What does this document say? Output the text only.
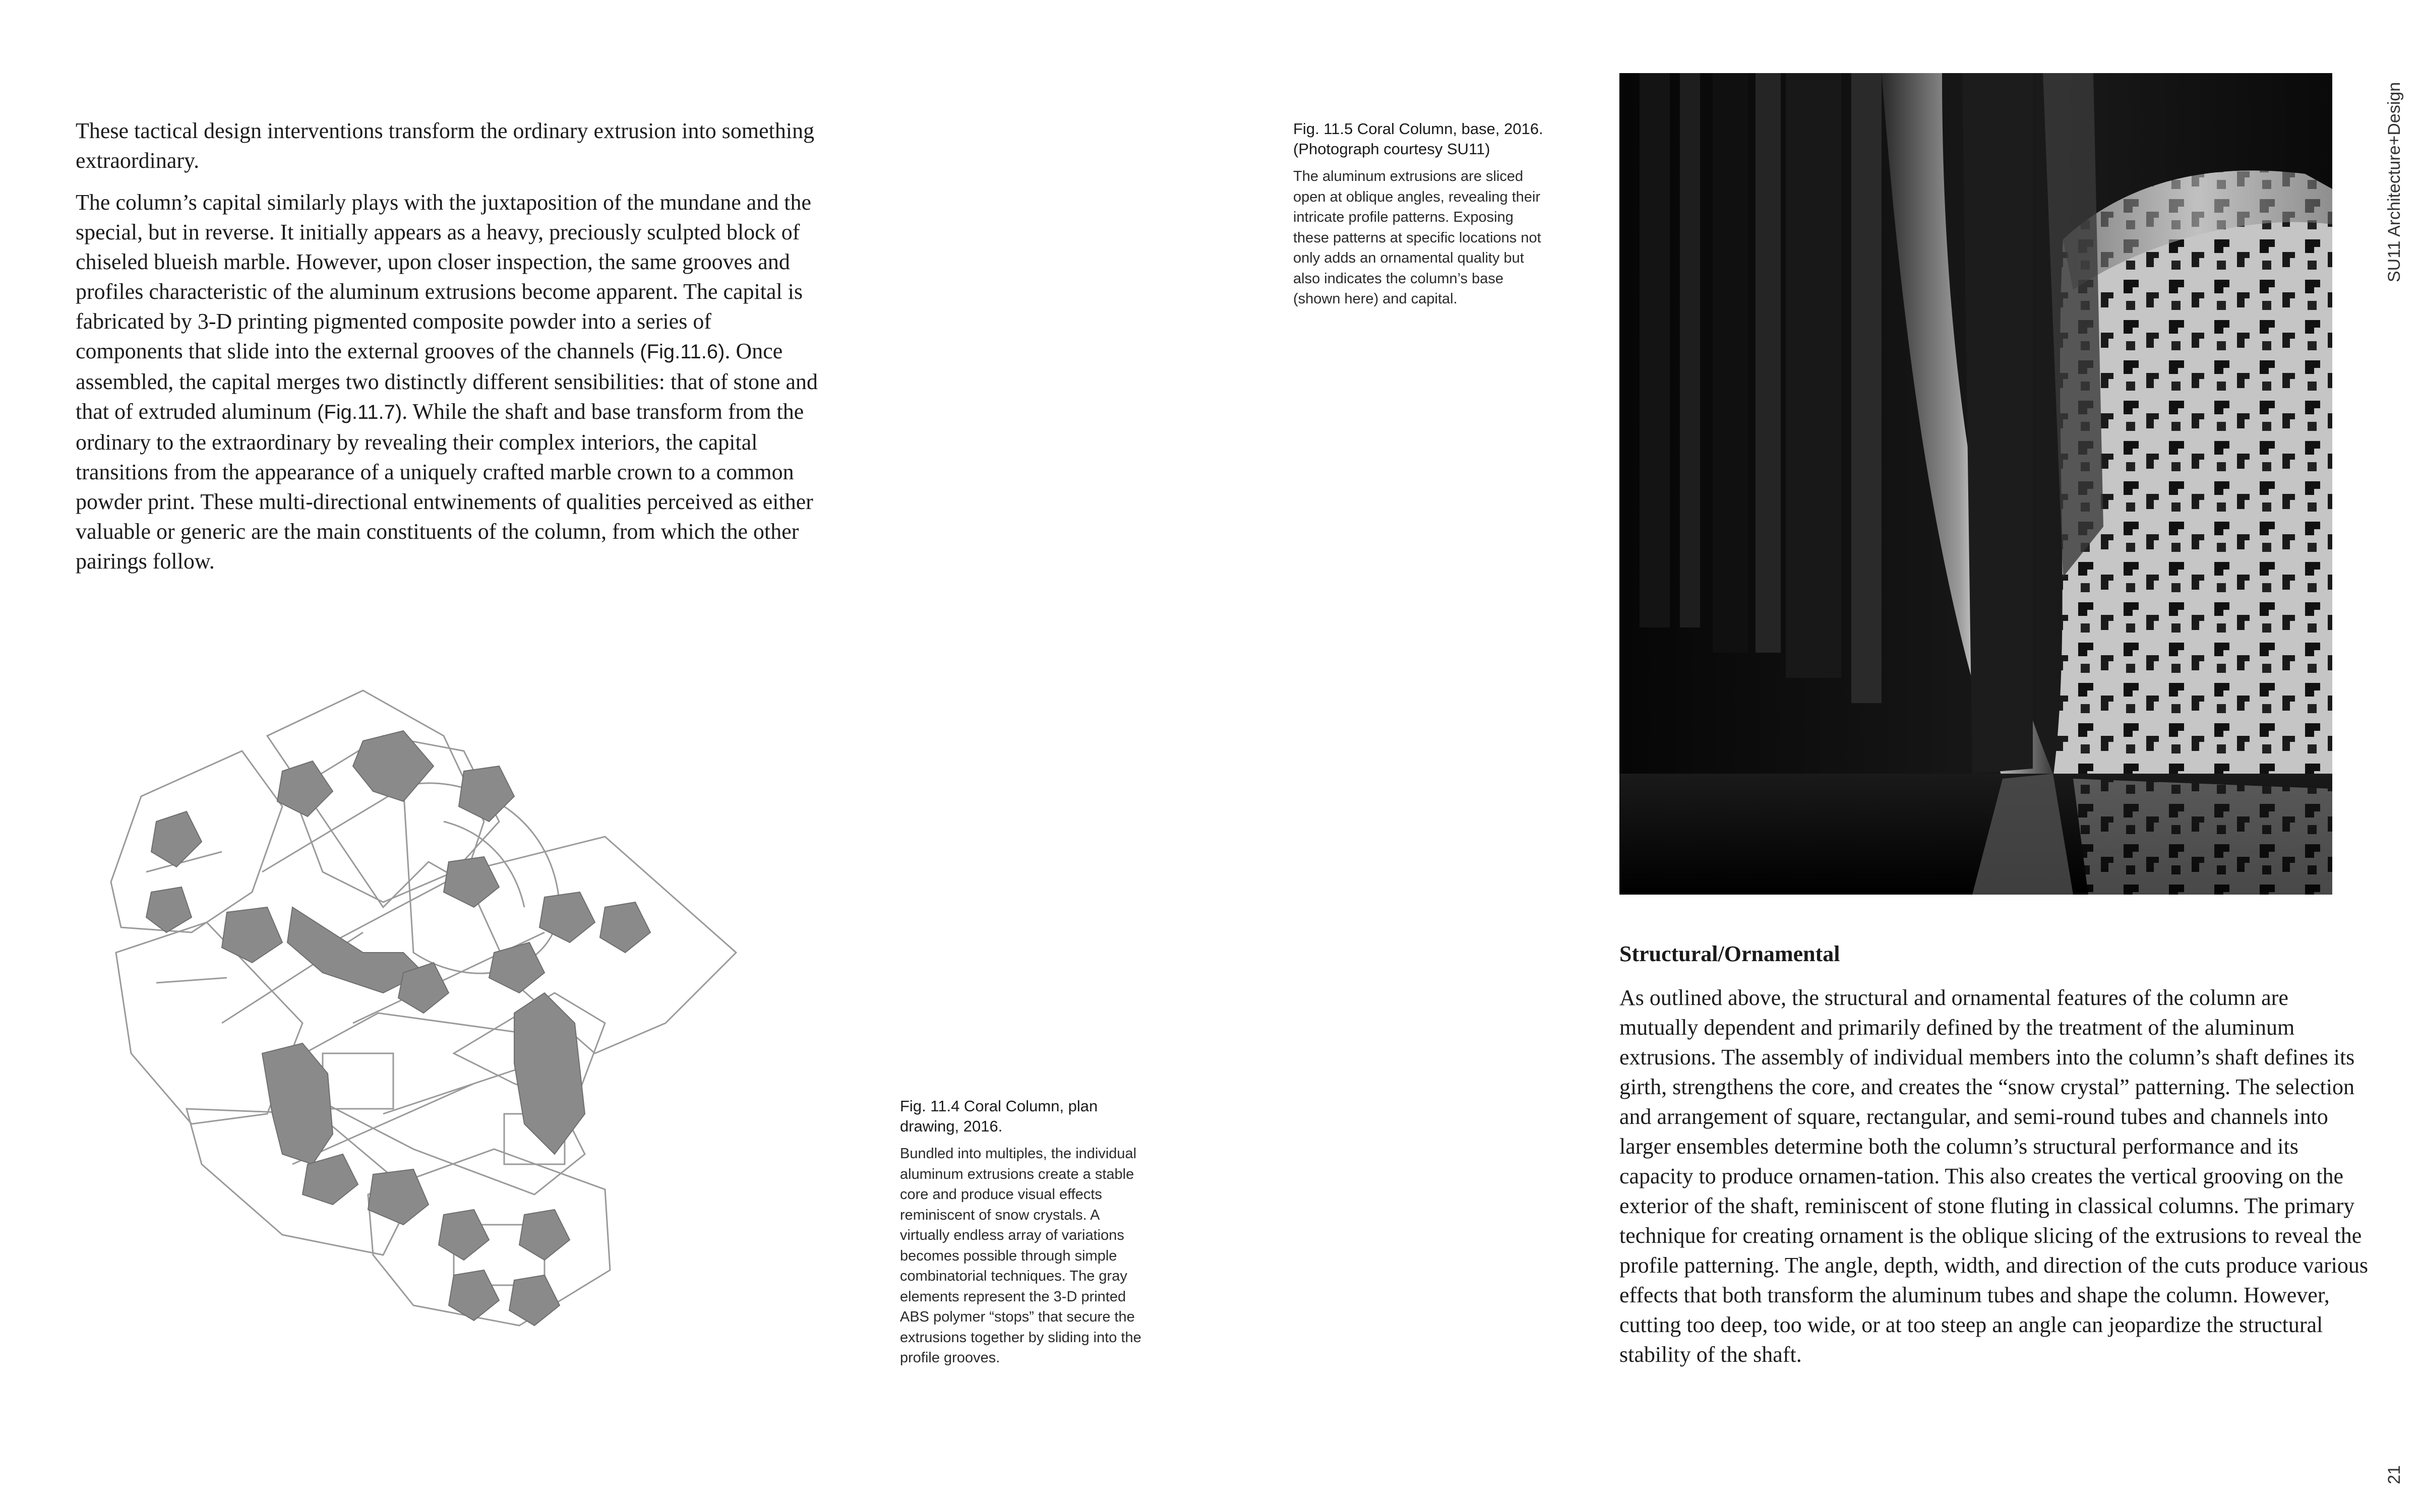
These tactical design interventions transform the ordinary extrusion into something extraordinary.

The column’s capital similarly plays with the juxtaposition of the mundane and the special, but in reverse. It initially appears as a heavy, preciously sculpted block of chiseled blueish marble. However, upon closer inspection, the same grooves and profiles characteristic of the aluminum extrusions become apparent. The capital is fabricated by 3-D printing pigmented composite powder into a series of components that slide into the external grooves of the channels (Fig.11.6). Once assembled, the capital merges two distinctly different sensibilities: that of stone and that of extruded aluminum (Fig.11.7). While the shaft and base transform from the ordinary to the extraordinary by revealing their complex interiors, the capital transitions from the appearance of a uniquely crafted marble crown to a common powder print. These multi-directional entwinements of qualities perceived as either valuable or generic are the main constituents of the column, from which the other pairings follow.

Fig. 11.5 Coral Column, base, 2016. (Photograph courtesy SU11)

The aluminum extrusions are sliced open at oblique angles, revealing their intricate profile patterns. Exposing these patterns at specific locations not only adds an ornamental quality but also indicates the column’s base (shown here) and capital.

Fig. 11.4 Coral Column, plan drawing, 2016.

Bundled into multiples, the individual aluminum extrusions create a stable core and produce visual effects reminiscent of snow crystals. A virtually endless array of variations becomes possible through simple combinatorial techniques. The gray elements represent the 3-D printed ABS polymer “stops” that secure the extrusions together by sliding into the profile grooves.

Structural/Ornamental

As outlined above, the structural and ornamental features of the column are mutually dependent and primarily defined by the treatment of the aluminum extrusions. The assembly of individual members into the column’s shaft defines its girth, strengthens the core, and creates the “snow crystal” patterning. The selection and arrangement of square, rectangular, and semi-round tubes and channels into larger ensembles determine both the column’s structural performance and its capacity to produce ornamen-tation. This also creates the vertical grooving on the exterior of the shaft, reminiscent of stone fluting in classical columns. The primary technique for creating ornament is the oblique slicing of the extrusions to reveal the profile patterning. The angle, depth, width, and direction of the cuts produce various effects that both transform the aluminum tubes and shape the column. However, cutting too deep, too wide, or at too steep an angle can jeopardize the structural stability of the shaft.

SU11 Architecture+Design
21
